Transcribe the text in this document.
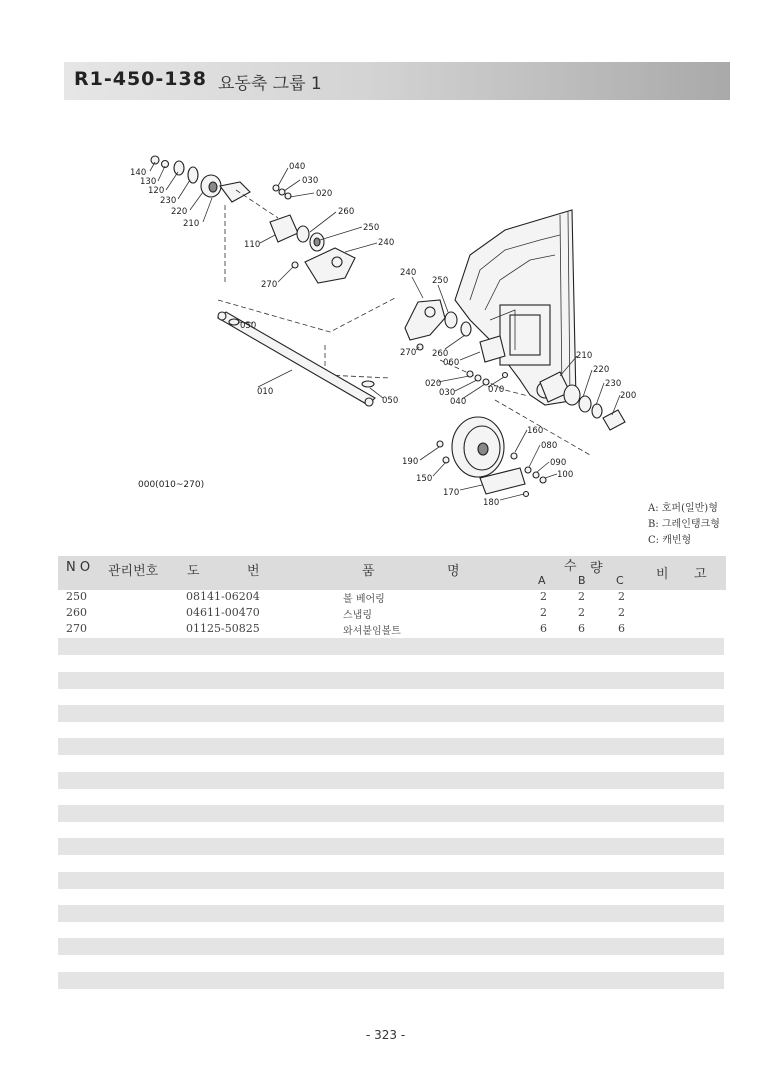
R1-450-138 요동축 그룹 1
140
130
120
230
220
210
040
030
020
260
250
240
110
270
050
010
050
240
250
270 260
060
020
030
040
070
210
220
230
200
160
080
090
100
190
150
170
180
000(010~270)
A: 호퍼(일반)형
B: 그레인탱크형
C: 캐빈형
N O 관리번호 도	번	품	명	수 량
A	B	C 비 고
250	08141-06204	볼 베어링	2	2	2
260	04611-00470	스냅링	2	2	2
270	01125-50825	와셔붙임볼트	6	6	6
- 323 -
